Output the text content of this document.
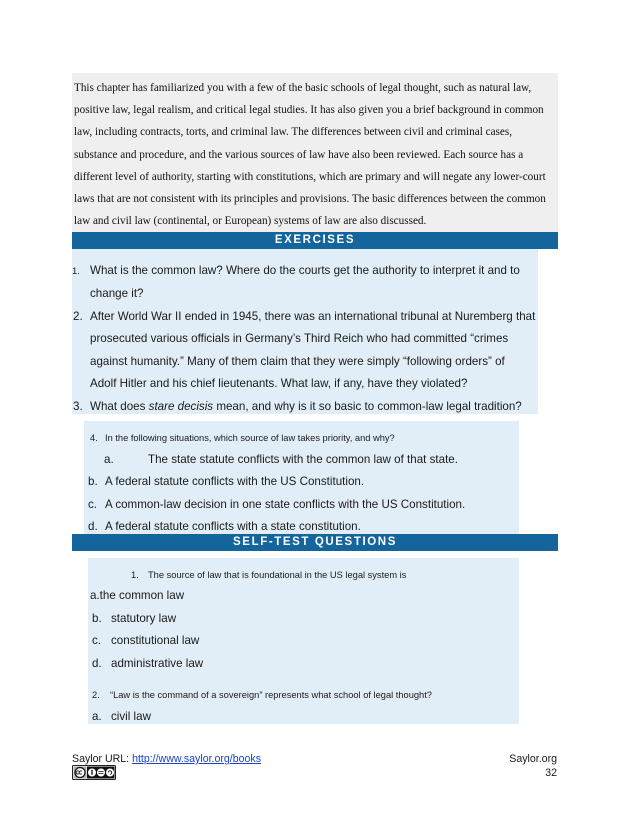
This chapter has familiarized you with a few of the basic schools of legal thought, such as natural law,
positive law, legal realism, and critical legal studies. It has also given you a brief background in common
law, including contracts, torts, and criminal law. The differences between civil and criminal cases,
substance and procedure, and the various sources of law have also been reviewed. Each source has a
different level of authority, starting with constitutions, which are primary and will negate any lower-court
laws that are not consistent with its principles and provisions. The basic differences between the common
law and civil law (continental, or European) systems of law are also discussed.
EXERCISES
1. What is the common law? Where do the courts get the authority to interpret it and to
change it?
2. After World War II ended in 1945, there was an international tribunal at Nuremberg that
prosecuted various officials in Germany’s Third Reich who had committed “crimes
against humanity.” Many of them claim that they were simply “following orders” of
Adolf Hitler and his chief lieutenants. What law, if any, have they violated?
3. What does stare decisis mean, and why is it so basic to common-law legal tradition?
4. In the following situations, which source of law takes priority, and why?
a.	The state statute conflicts with the common law of that state.
b. A federal statute conflicts with the US Constitution.
c. A common-law decision in one state conflicts with the US Constitution.
d. A federal statute conflicts with a state constitution.
SELF-TEST QUESTIONS
1. The source of law that is foundational in the US legal system is
a.the common law
b. statutory law
c. constitutional law
d. administrative law
2. “Law is the command of a sovereign” represents what school of legal thought?
a. civil law
Saylor URL: http://www.saylor.org/books	Saylor.org
32
